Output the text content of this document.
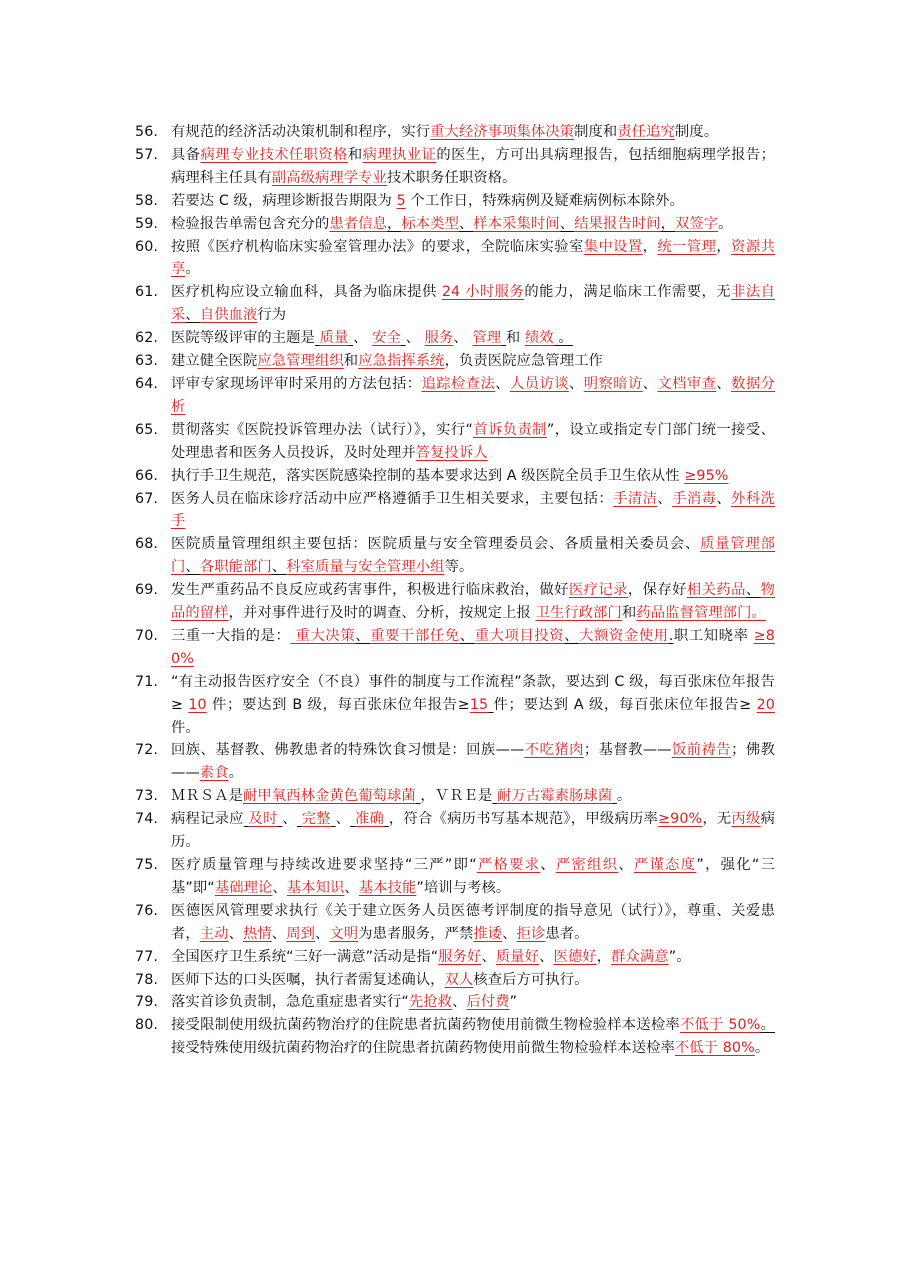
56. 有规范的经济活动决策机制和程序，实行重大经济事项集体决策制度和责任追究制度。
57. 具备病理专业技术任职资格和病理执业证的医生，方可出具病理报告，包括细胞病理学报告；病理科主任具有副高级病理学专业技术职务任职资格。
58. 若要达 C 级，病理诊断报告期限为 5 个工作日，特殊病例及疑难病例标本除外。
59. 检验报告单需包含充分的患者信息，标本类型、样本采集时间、结果报告时间，双签字。
60. 按照《医疗机构临床实验室管理办法》的要求，全院临床实验室集中设置，统一管理，资源共享。
61. 医疗机构应设立输血科，具备为临床提供 24 小时服务的能力，满足临床工作需要，无非法自采、自供血液行为
62. 医院等级评审的主题是 质量 、 安全 、 服务、 管理 和 绩效 。
63. 建立健全医院应急管理组织和应急指挥系统，负责医院应急管理工作
64. 评审专家现场评审时采用的方法包括：追踪检查法、人员访谈、明察暗访、文档审查、数据分析
65. 贯彻落实《医院投诉管理办法（试行）》，实行“首诉负责制”，设立或指定专门部门统一接受、处理患者和医务人员投诉，及时处理并答复投诉人
66. 执行手卫生规范，落实医院感染控制的基本要求达到 A 级医院全员手卫生依从性 ≥95%
67. 医务人员在临床诊疗活动中应严格遵循手卫生相关要求，主要包括：手清洁、手消毒、外科洗手
68. 医院质量管理组织主要包括：医院质量与安全管理委员会、各质量相关委员会、质量管理部门、各职能部门、科室质量与安全管理小组等。
69. 发生严重药品不良反应或药害事件，积极进行临床救治，做好医疗记录，保存好相关药品、物品的留样，并对事件进行及时的调查、分析，按规定上报 卫生行政部门和药品监督管理部门。
70. 三重一大指的是： 重大决策、重要干部任免、重大项目投资、大额资金使用.职工知晓率 ≥80%
71. “有主动报告医疗安全（不良）事件的制度与工作流程”条款，要达到 C 级，每百张床位年报告≥ 10 件；要达到 B 级，每百张床位年报告≥15 件；要达到 A 级，每百张床位年报告≥ 20 件。
72. 回族、基督教、佛教患者的特殊饮食习惯是：回族——不吃猪肉；基督教——饭前祷告；佛教——素食。
73. ＭＲＳＡ是耐甲氧西林金黄色葡萄球菌 ，ＶＲＥ是 耐万古霉素肠球菌 。
74. 病程记录应 及时 、 完整 、 准确 ，符合《病历书写基本规范》，甲级病历率≥90%，无丙级病历。
75. 医疗质量管理与持续改进要求坚持“三严”即“严格要求、严密组织、严谨态度”，强化“三基”即“基础理论、基本知识、基本技能”培训与考核。
76. 医德医风管理要求执行《关于建立医务人员医德考评制度的指导意见（试行）》，尊重、关爱患者，主动、热情、周到、文明为患者服务，严禁推诿、拒诊患者。
77. 全国医疗卫生系统“三好一满意”活动是指“服务好、质量好、医德好，群众满意”。
78. 医师下达的口头医嘱，执行者需复述确认，双人核查后方可执行。
79. 落实首诊负责制，急危重症患者实行“先抢救、后付费”
80. 接受限制使用级抗菌药物治疗的住院患者抗菌药物使用前微生物检验样本送检率不低于 50%。接受特殊使用级抗菌药物治疗的住院患者抗菌药物使用前微生物检验样本送检率不低于 80%。
